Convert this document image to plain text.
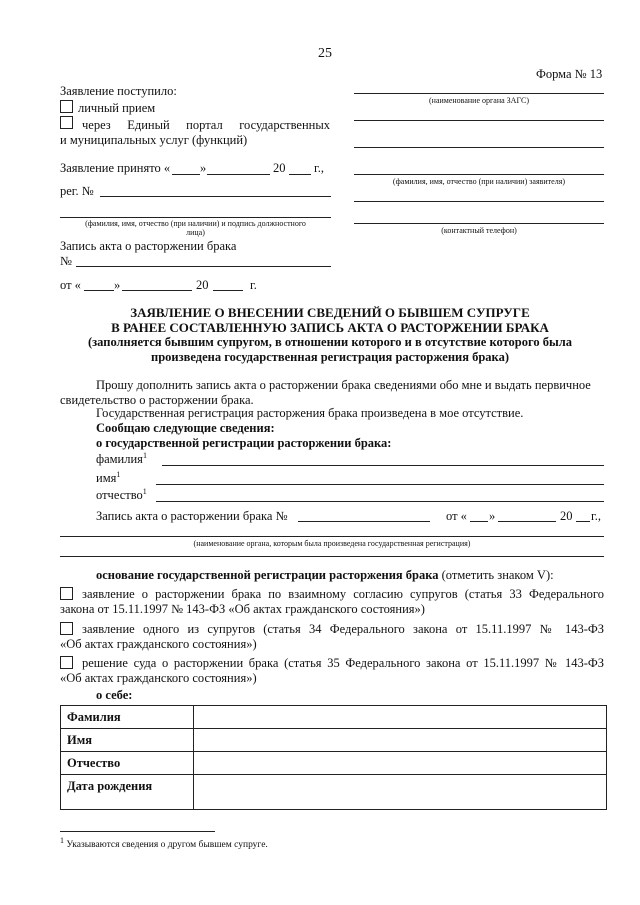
25
Форма № 13
Заявление поступило:
личный прием
через Единый портал государственных
и муниципальных услуг (функций)
Заявление принято « »	20 г.,
рег. №
(фамилия, имя, отчество (при наличии) и подпись должностного
лица)
Запись акта о расторжении брака
№
от «	»	20	г.
(наименование органа ЗАГС)
(фамилия, имя, отчество (при наличии) заявителя)
(контактный телефон)
ЗАЯВЛЕНИЕ О ВНЕСЕНИИ СВЕДЕНИЙ О БЫВШЕМ СУПРУГЕ
В РАНЕЕ СОСТАВЛЕННУЮ ЗАПИСЬ АКТА О РАСТОРЖЕНИИ БРАКА
(заполняется бывшим супругом, в отношении которого и в отсутствие которого была
произведена государственная регистрация расторжения брака)
Прошу дополнить запись акта о расторжении брака сведениями обо мне и выдать первичное
свидетельство о расторжении брака.
Государственная регистрация расторжения брака произведена в мое отсутствие.
Сообщаю следующие сведения:
о государственной регистрации расторжении брака:
фамилия$^1$
имя$^1$
отчество$^1$
Запись акта о расторжении брака №	от « »	20 г.,
(наименование органа, которым была произведена государственная регистрация)
основание государственной регистрации расторжения брака (отметить знаком V):
заявление о расторжении брака по взаимному согласию супругов (статья 33 Федерального
закона от 15.11.1997 № 143-ФЗ «Об актах гражданского состояния»)
заявление одного из супругов (статья 34 Федерального закона от 15.11.1997 № 143-ФЗ
«Об актах гражданского состояния»)
решение суда о расторжении брака (статья 35 Федерального закона от 15.11.1997 № 143-ФЗ
«Об актах гражданского состояния»)
о себе:
Фамилия	
Имя	
Отчество	
Дата рождения	
$^1$ Указываются сведения о другом бывшем супруге.
